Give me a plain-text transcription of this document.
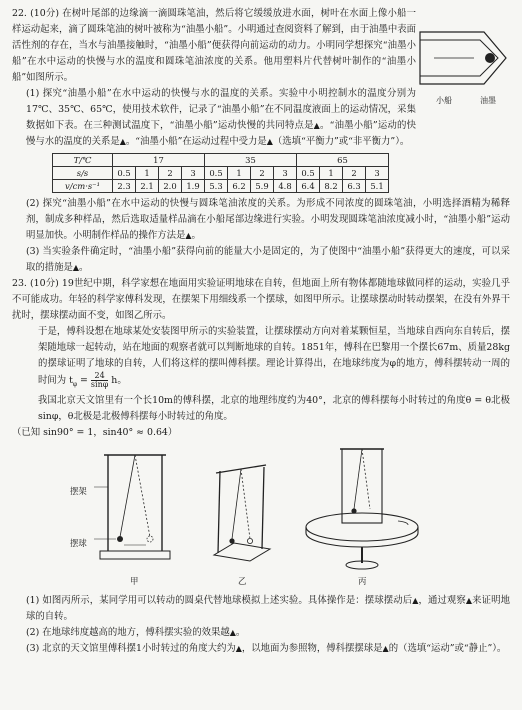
22. (10分) 在树叶尾部的边缘滴一滴圆珠笔油，然后将它缓缓放进水面，树叶在水面上像小船一样运动起来，滴了圆珠笔油的树叶被称为“油墨小船”。小明通过查阅资料了解到，由于油墨中表面活性剂的存在，当水与油墨接触时，“油墨小船”便获得向前运动的动力。小明同学想探究“油墨小船”在水中运动的快慢与水的温度和圆珠笔油浓度的关系。他用塑料片代替树叶制作的“油墨小船”如图所示。

小船	油墨

(1) 探究“油墨小船”在水中运动的快慢与水的温度的关系。实验中小明控制水的温度分别为17℃、35℃、65℃，使用技术软件，记录了“油墨小船”在不同温度液面上的运动情况，采集数据如下表。在三种测试温度下，“油墨小船”运动快慢的共同特点是▲。“油墨小船”运动的快慢与水的温度的关系是▲。“油墨小船”在运动过程中受力是▲（选填“平衡力”或“非平衡力”）。

T/℃	17				35				65			
s/s	0.5	1	2	3	0.5	1	2	3	0.5	1	2	3
v/cm·s⁻¹	2.3	2.1	2.0	1.9	5.3	6.2	5.9	4.8	6.4	8.2	6.3	5.1

(2) 探究“油墨小船”在水中运动的快慢与圆珠笔油浓度的关系。为形成不同浓度的圆珠笔油，小明选择酒精为稀释剂，制成多种样品，然后选取适量样品滴在小船尾部边缘进行实验。小明发现圆珠笔油浓度减小时，“油墨小船”运动明显加快。小明制作样品的操作方法是▲。

(3) 当实验条件确定时，“油墨小船”获得向前的能量大小是固定的，为了使图中“油墨小船”获得更大的速度，可以采取的措施是▲。

23. (10分) 19世纪中期，科学家想在地面用实验证明地球在自转，但地面上所有物体都随地球做同样的运动，实验几乎不可能成功。年轻的科学家傅科发现，在摆架下用细线系一个摆球，如图甲所示。让摆球摆动时转动摆架，在没有外界干扰时，摆球摆动面不变，如图乙所示。

于是，傅科设想在地球某处安装图甲所示的实验装置，让摆球摆动方向对着某颗恒星，当地球自西向东自转后，摆架随地球一起转动，站在地面的观察者就可以判断地球的自转。1851年，傅科在巴黎用一个摆长67m、质量28kg的摆球证明了地球的自转，人们将这样的摆叫傅科摆。理论计算得出，在地球纬度为φ的地方，傅科摆转动一周的时间为 $t_\varphi = \frac{24}{\sin\varphi}$ h。

我国北京天文馆里有一个长10m的傅科摆，北京的地理纬度约为40°，北京的傅科摆每小时转过的角度θ = θ北极sinφ，θ北极是北极傅科摆每小时转过的角度。

（已知 sin90° = 1，sin40° ≈ 0.64）

摆架
摆球
甲	乙	丙

(1) 如图丙所示，某同学用可以转动的圆桌代替地球模拟上述实验。具体操作是：摆球摆动后▲，通过观察▲来证明地球的自转。

(2) 在地球纬度越高的地方，傅科摆实验的效果越▲。

(3) 北京的天文馆里傅科摆1小时转过的角度大约为▲，以地面为参照物，傅科摆摆球是▲的（选填“运动”或“静止”）。
